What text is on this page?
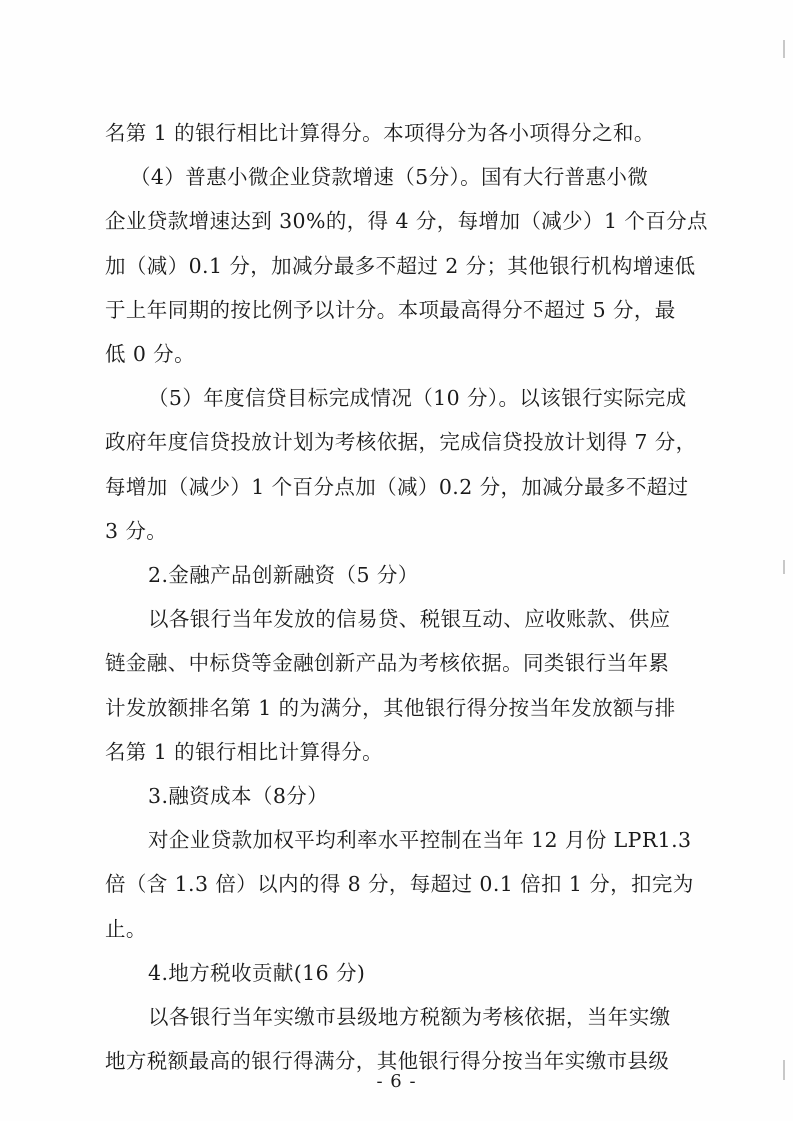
名第 1 的银行相比计算得分。本项得分为各小项得分之和。
（4）普惠小微企业贷款增速（5分）。国有大行普惠小微
企业贷款增速达到 30%的，得 4 分，每增加（减少）1 个百分点
加（减）0.1 分，加减分最多不超过 2 分；其他银行机构增速低
于上年同期的按比例予以计分。本项最高得分不超过 5 分，最
低 0 分。
（5）年度信贷目标完成情况（10 分）。以该银行实际完成
政府年度信贷投放计划为考核依据，完成信贷投放计划得 7 分，
每增加（减少）1 个百分点加（减）0.2 分，加减分最多不超过
3 分。
2.金融产品创新融资（5 分）
以各银行当年发放的信易贷、税银互动、应收账款、供应
链金融、中标贷等金融创新产品为考核依据。同类银行当年累
计发放额排名第 1 的为满分，其他银行得分按当年发放额与排
名第 1 的银行相比计算得分。
3.融资成本（8分）
对企业贷款加权平均利率水平控制在当年 12 月份 LPR1.3
倍（含 1.3 倍）以内的得 8 分，每超过 0.1 倍扣 1 分，扣完为
止。
4.地方税收贡献(16 分)
以各银行当年实缴市县级地方税额为考核依据，当年实缴
地方税额最高的银行得满分，其他银行得分按当年实缴市县级
- 6 -
